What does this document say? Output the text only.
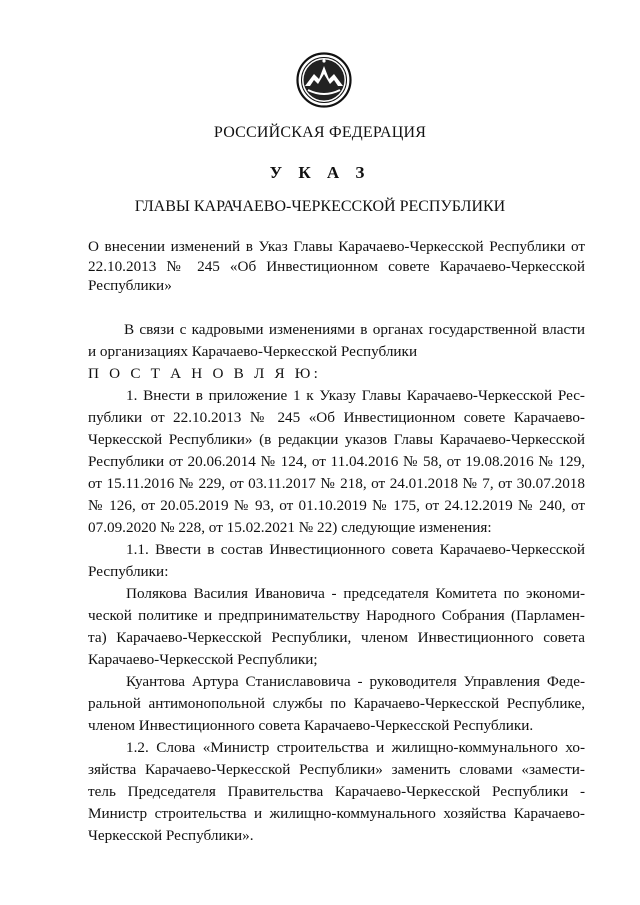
РОССИЙСКАЯ ФЕДЕРАЦИЯ
У К А З
ГЛАВЫ КАРАЧАЕВО-ЧЕРКЕССКОЙ РЕСПУБЛИКИ
О внесении изменений в Указ Главы Карачаево-Черкесской Республики от 22.10.2013 № 245 «Об Инвестиционном совете Карачаево-Черкесской Республики»
В связи с кадровыми изменениями в органах государственной власти
и организациях Карачаево-Черкесской Республики
П О С Т А Н О В Л Я Ю:
1. Внести в приложение 1 к Указу Главы Карачаево-Черкесской Рес-
публики от 22.10.2013 № 245 «Об Инвестиционном совете Карачаево-
Черкесской Республики» (в редакции указов Главы Карачаево-Черкесской
Республики от 20.06.2014 № 124, от 11.04.2016 № 58, от 19.08.2016 № 129,
от 15.11.2016 № 229, от 03.11.2017 № 218, от 24.01.2018 № 7, от 30.07.2018
№ 126, от 20.05.2019 № 93, от 01.10.2019 № 175, от 24.12.2019 № 240, от
07.09.2020 № 228, от 15.02.2021 № 22) следующие изменения:
1.1. Ввести в состав Инвестиционного совета Карачаево-Черкесской
Республики:
Полякова Василия Ивановича - председателя Комитета по экономи-
ческой политике и предпринимательству Народного Собрания (Парламен-
та) Карачаево-Черкесской Республики, членом Инвестиционного совета
Карачаево-Черкесской Республики;
Куантова Артура Станиславовича - руководителя Управления Феде-
ральной антимонопольной службы по Карачаево-Черкесской Республике,
членом Инвестиционного совета Карачаево-Черкесской Республики.
1.2. Слова «Министр строительства и жилищно-коммунального хо-
зяйства Карачаево-Черкесской Республики» заменить словами «замести-
тель Председателя Правительства Карачаево-Черкесской Республики -
Министр строительства и жилищно-коммунального хозяйства Карачаево-
Черкесской Республики».
